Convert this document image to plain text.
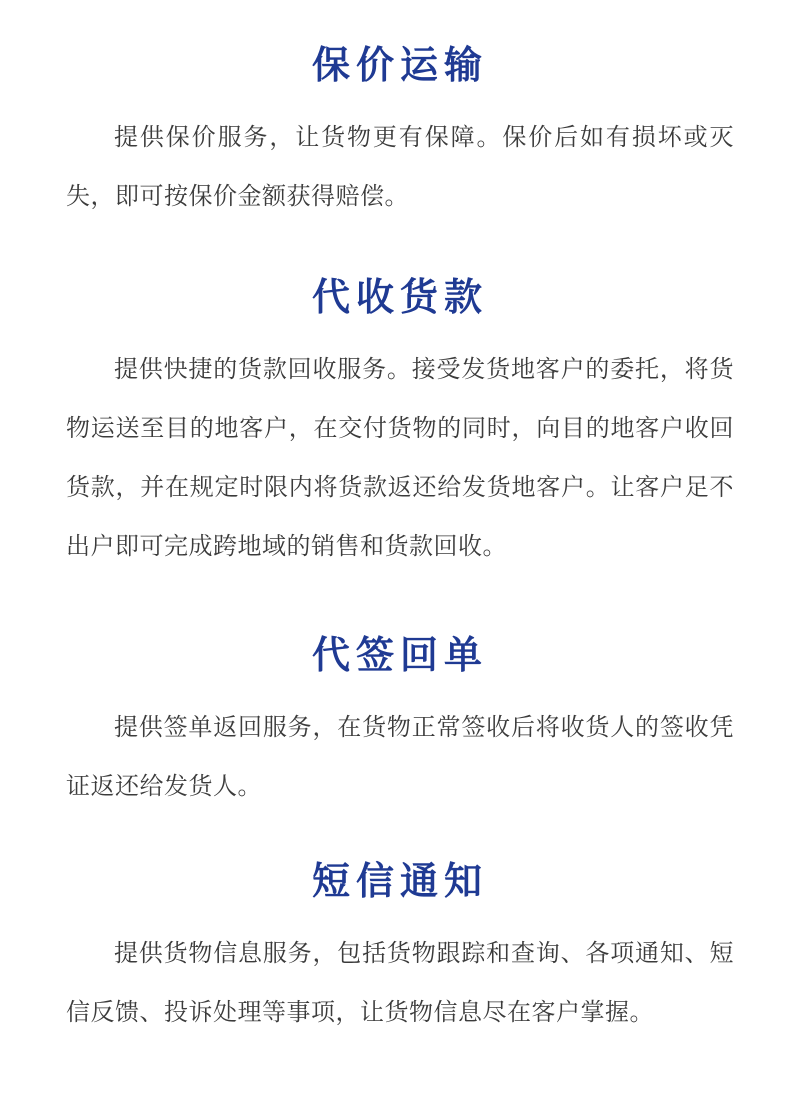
保价运输

提供保价服务，让货物更有保障。保价后如有损坏或灭失，即可按保价金额获得赔偿。

代收货款

提供快捷的货款回收服务。接受发货地客户的委托，将货物运送至目的地客户，在交付货物的同时，向目的地客户收回货款，并在规定时限内将货款返还给发货地客户。让客户足不出户即可完成跨地域的销售和货款回收。

代签回单

提供签单返回服务，在货物正常签收后将收货人的签收凭证返还给发货人。

短信通知

提供货物信息服务，包括货物跟踪和查询、各项通知、短信反馈、投诉处理等事项，让货物信息尽在客户掌握。
